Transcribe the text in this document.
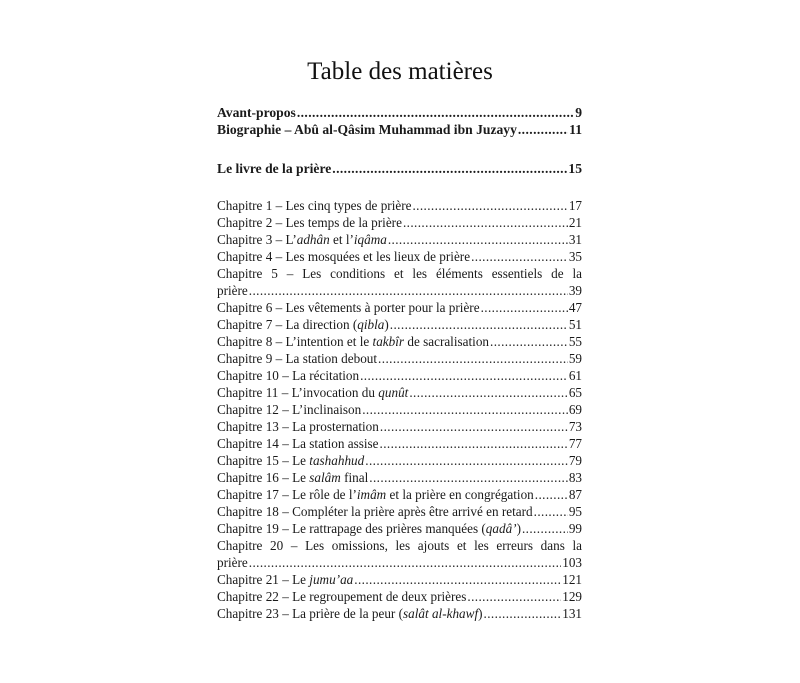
Table des matières
Avant-propos .....	9
Biographie – Abû al-Qâsim Muhammad ibn Juzayy .....	11
Le livre de la prière .....	15
Chapitre 1 – Les cinq types de prière .....	17
Chapitre 2 – Les temps de la prière .....	21
Chapitre 3 – L’adhân et l’iqâma .....	31
Chapitre 4 – Les mosquées et les lieux de prière .....	35
Chapitre 5 – Les conditions et les éléments essentiels de la
prière .....	39
Chapitre 6 – Les vêtements à porter pour la prière .....	47
Chapitre 7 – La direction (qibla) .....	51
Chapitre 8 – L’intention et le takbîr de sacralisation .....	55
Chapitre 9 – La station debout .....	59
Chapitre 10 – La récitation .....	61
Chapitre 11 – L’invocation du qunût .....	65
Chapitre 12 – L’inclinaison .....	69
Chapitre 13 – La prosternation .....	73
Chapitre 14 – La station assise .....	77
Chapitre 15 – Le tashahhud .....	79
Chapitre 16 – Le salâm final .....	83
Chapitre 17 – Le rôle de l’imâm et la prière en congrégation .....	87
Chapitre 18 – Compléter la prière après être arrivé en retard .....	95
Chapitre 19 – Le rattrapage des prières manquées (qadâ’) .....	99
Chapitre 20 – Les omissions, les ajouts et les erreurs dans la
prière .....	103
Chapitre 21 – Le jumu’aa .....	121
Chapitre 22 – Le regroupement de deux prières .....	129
Chapitre 23 – La prière de la peur (salât al-khawf) .....	131
